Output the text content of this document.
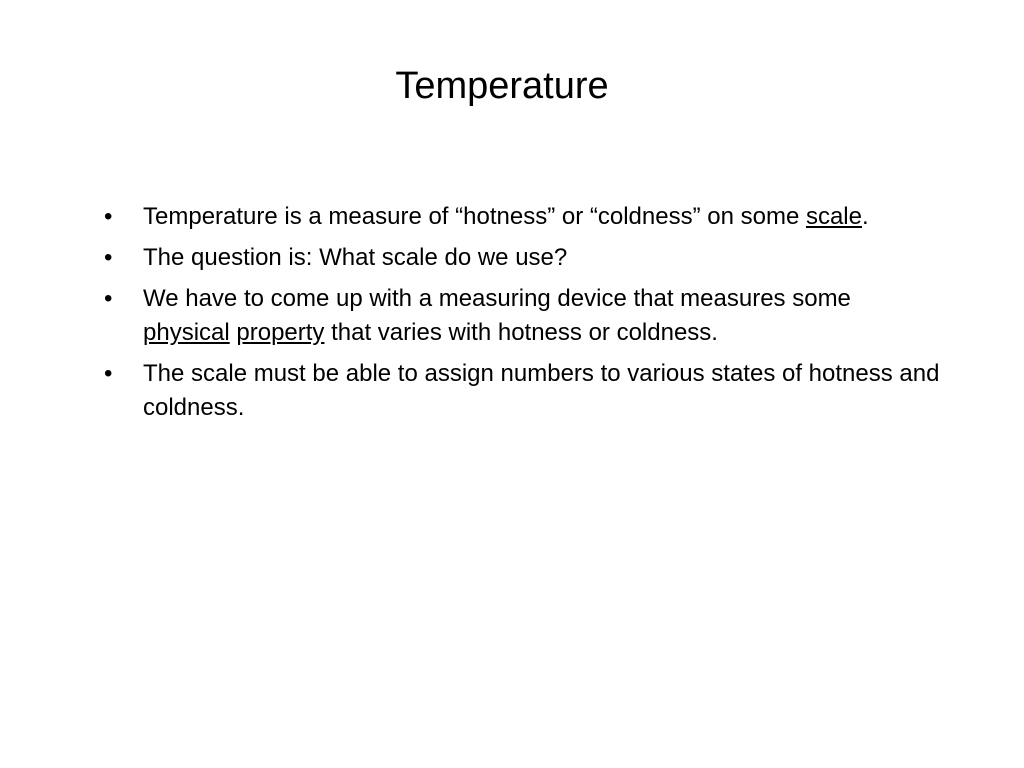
Temperature
• Temperature is a measure of “hotness” or “coldness” on some scale.
• The question is: What scale do we use?
• We have to come up with a measuring device that measures some physical property that varies with hotness or coldness.
• The scale must be able to assign numbers to various states of hotness and coldness.
